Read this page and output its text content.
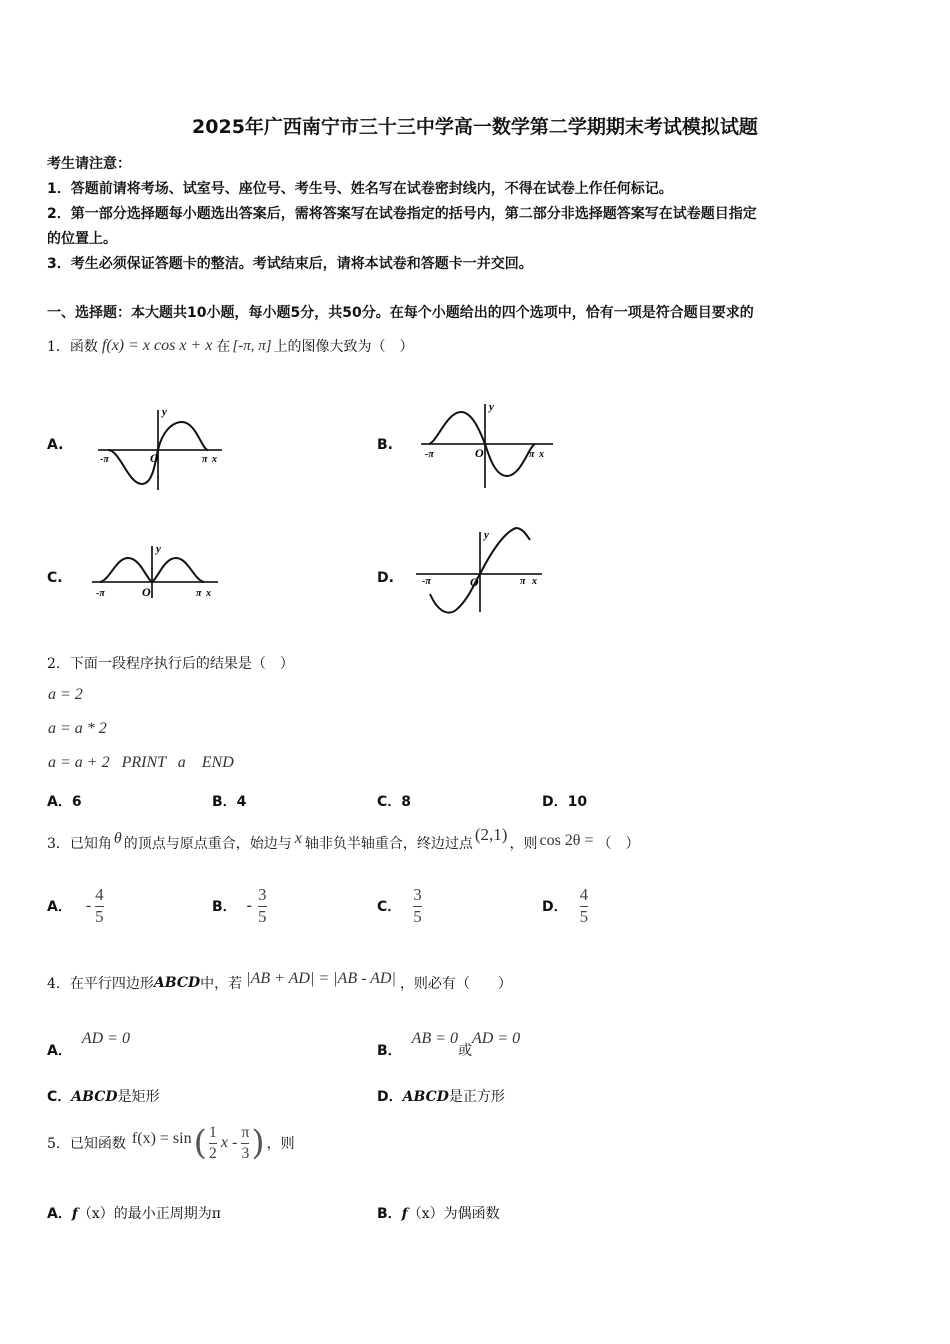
2025年广西南宁市三十三中学高一数学第二学期期末考试模拟试题
考生请注意：
1．答题前请将考场、试室号、座位号、考生号、姓名写在试卷密封线内，不得在试卷上作任何标记。
2．第一部分选择题每小题选出答案后，需将答案写在试卷指定的括号内，第二部分非选择题答案写在试卷题目指定
的位置上。
3．考生必须保证答题卡的整洁。考试结束后，请将本试卷和答题卡一并交回。
一、选择题：本大题共10小题，每小题5分，共50分。在每个小题给出的四个选项中，恰有一项是符合题目要求的
1．函数 f(x) = x cos x + x 在 [-π, π] 上的图像大致为（　）
A.	B.
C.	D.
y
-π	O	π x
y
-π	O	π x
y
-π	O	π x
y
-π	O	π x
2．下面一段程序执行后的结果是（　）
a = 2
a = a * 2
a = a + 2   PRINT   a    END
A．6	B．4	C．8	D．10
3．已知角 θ 的顶点与原点重合，始边与 x 轴非负半轴重合，终边过点 (2,1) ，则 cos 2θ = （　）
A． - $\frac{4}{5}$	B． - $\frac{3}{5}$	C． $\frac{3}{5}$	D． $\frac{4}{5}$
4．在平行四边形 ABCD 中，若 |AB + AD| = |AB - AD| ，则必有（　　）
A．
AD = 0
B．
AB = 0
或
AD = 0
C．ABCD是矩形	D．ABCD是正方形
5．已知函数 f(x) = sin ( $\frac{1}{2}$ x - $\frac{\pi}{3}$ ) ，则
A．f（x）的最小正周期为π	B．f（x）为偶函数
